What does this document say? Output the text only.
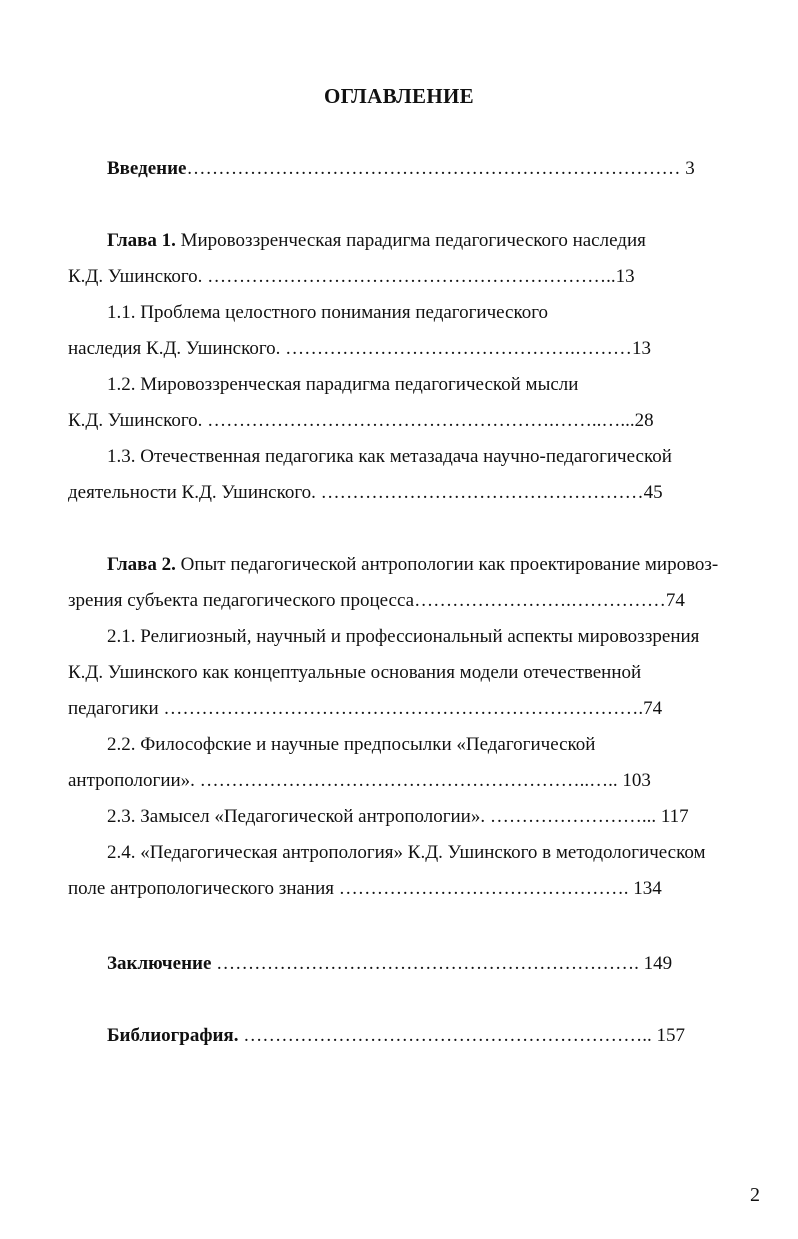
ОГЛАВЛЕНИЕ
Введение…………………………………………………………………… 3
Глава 1. Мировоззренческая парадигма педагогического наследия
К.Д. Ушинского. ………………………………………………………..13
1.1. Проблема целостного понимания педагогического
наследия К.Д. Ушинского. ……………………………………….………13
1.2. Мировоззренческая парадигма педагогической мысли
К.Д. Ушинского. ……………………………………………….……..…...28
1.3. Отечественная педагогика как метазадача научно-педагогической
деятельности К.Д. Ушинского. ……………………………………………45
Глава 2. Опыт педагогической антропологии как проектирование мировоз-
зрения субъекта педагогического процесса…………………….……………74
2.1. Религиозный, научный и профессиональный аспекты мировоззрения
К.Д. Ушинского как концептуальные основания модели отечественной
педагогики ………………………………………………………………….74
2.2. Философские и научные предпосылки «Педагогической
антропологии». ……………………………………………………..….. 103
2.3. Замысел «Педагогической антропологии». ……………………... 117
2.4. «Педагогическая антропология» К.Д. Ушинского в методологическом
поле антропологического знания ………………………………………. 134
Заключение …………………………………………………………. 149
Библиография. ……………………………………………………….. 157
2
